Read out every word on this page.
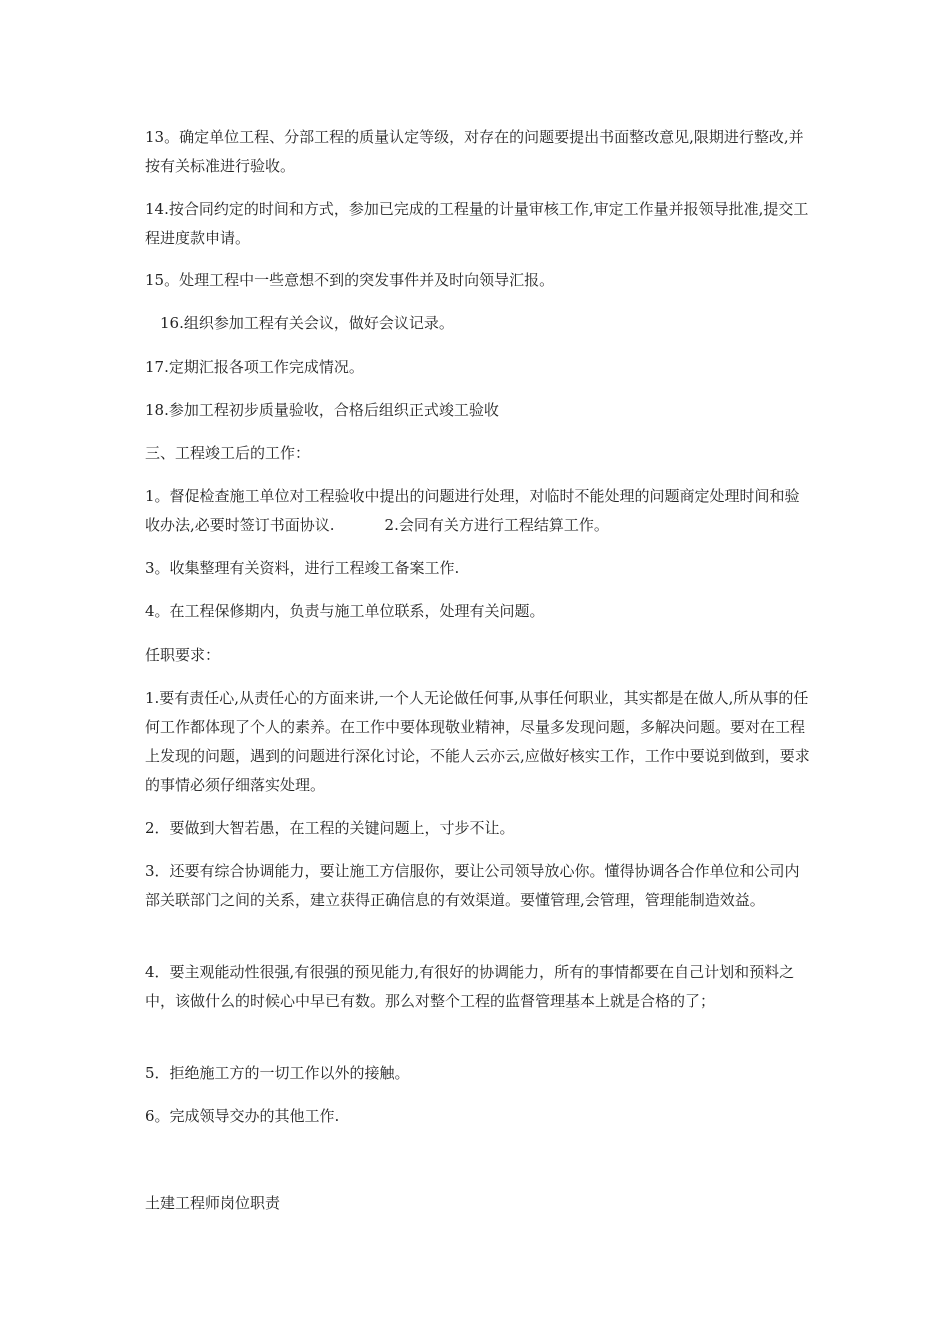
13。确定单位工程、分部工程的质量认定等级，对存在的问题要提出书面整改意见,限期进行整改,并按有关标准进行验收。

14.按合同约定的时间和方式，参加已完成的工程量的计量审核工作,审定工作量并报领导批准,提交工程进度款申请。

15。处理工程中一些意想不到的突发事件并及时向领导汇报。

16.组织参加工程有关会议，做好会议记录。

17.定期汇报各项工作完成情况。

18.参加工程初步质量验收，合格后组织正式竣工验收

三、工程竣工后的工作：

1。督促检查施工单位对工程验收中提出的问题进行处理，对临时不能处理的问题商定处理时间和验收办法,必要时签订书面协议.	2.会同有关方进行工程结算工作。

3。收集整理有关资料，进行工程竣工备案工作.

4。在工程保修期内，负责与施工单位联系，处理有关问题。

任职要求：

1.要有责任心,从责任心的方面来讲,一个人无论做任何事,从事任何职业，其实都是在做人,所从事的任何工作都体现了个人的素养。在工作中要体现敬业精神，尽量多发现问题，多解决问题。要对在工程上发现的问题，遇到的问题进行深化讨论，不能人云亦云,应做好核实工作，工作中要说到做到，要求的事情必须仔细落实处理。

2．要做到大智若愚，在工程的关键问题上，寸步不让。

3．还要有综合协调能力，要让施工方信服你，要让公司领导放心你。懂得协调各合作单位和公司内部关联部门之间的关系，建立获得正确信息的有效渠道。要懂管理,会管理，管理能制造效益。

4．要主观能动性很强,有很强的预见能力,有很好的协调能力，所有的事情都要在自己计划和预料之中，该做什么的时候心中早已有数。那么对整个工程的监督管理基本上就是合格的了；

5．拒绝施工方的一切工作以外的接触。

6。完成领导交办的其他工作.

土建工程师岗位职责
